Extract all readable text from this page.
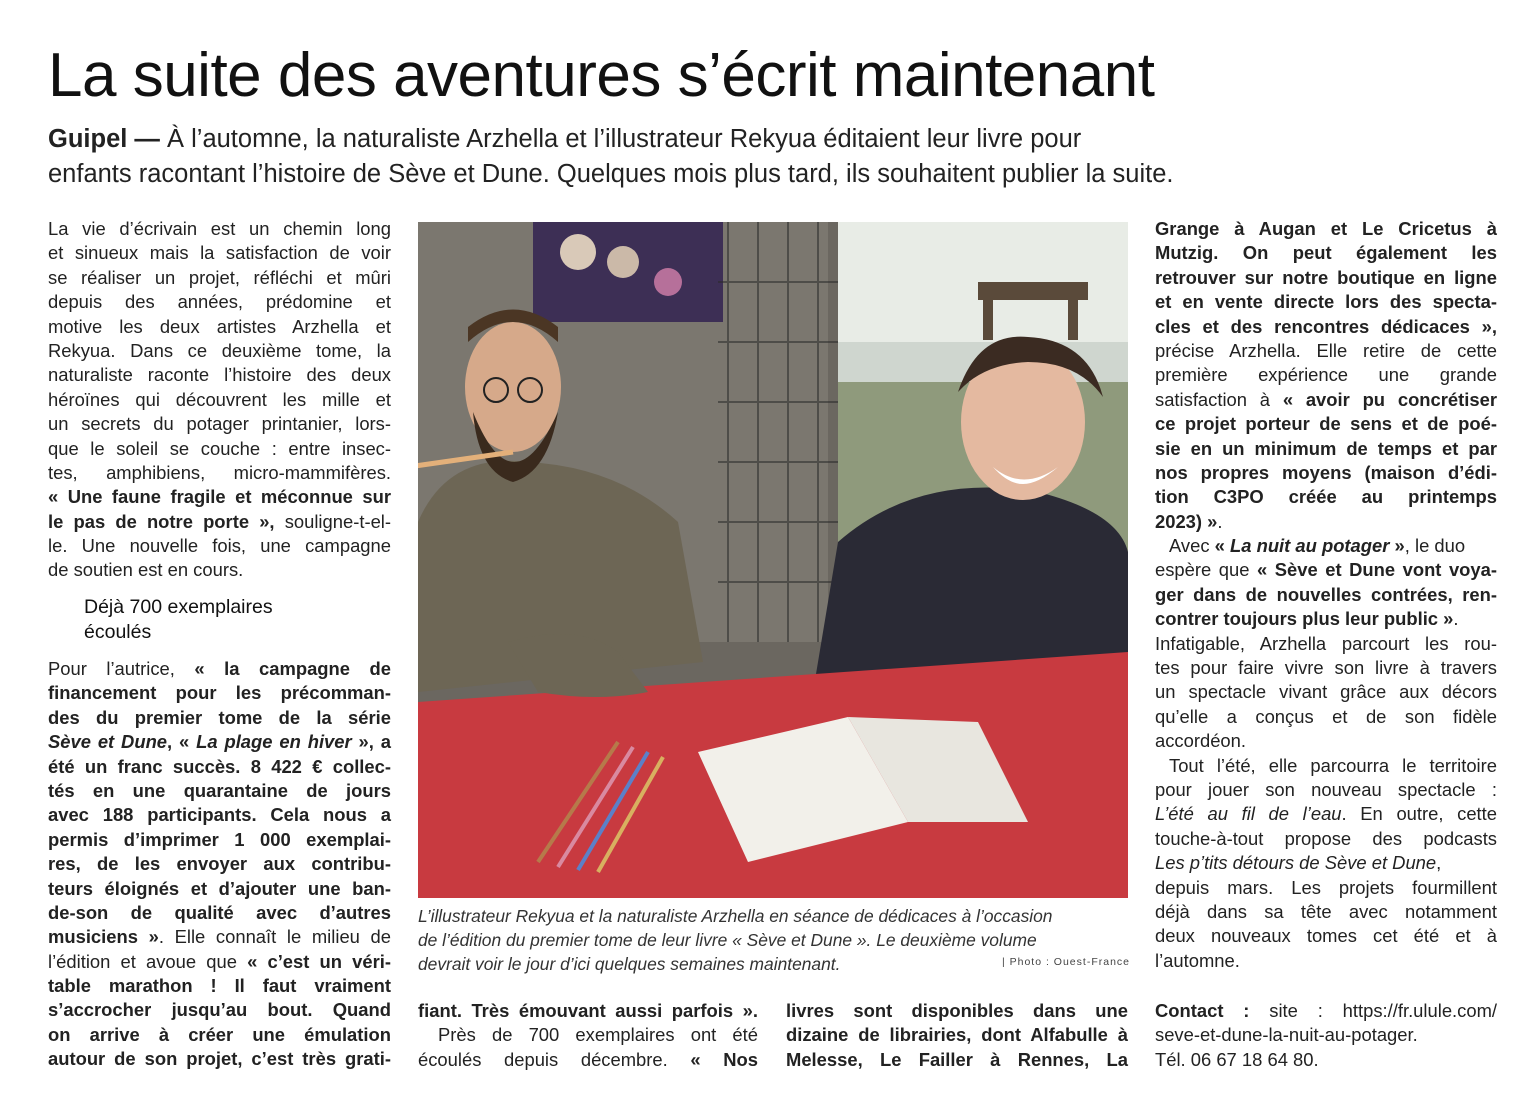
La suite des aventures s’écrit maintenant
Guipel — À l’automne, la naturaliste Arzhella et l’illustrateur Rekyua éditaient leur livre pour
enfants racontant l’histoire de Sève et Dune. Quelques mois plus tard, ils souhaitent publier la suite.
La vie d’écrivain est un chemin long
et sinueux mais la satisfaction de voir
se réaliser un projet, réfléchi et mûri
depuis des années, prédomine et
motive les deux artistes Arzhella et
Rekyua. Dans ce deuxième tome, la
naturaliste raconte l’histoire des deux
héroïnes qui découvrent les mille et
un secrets du potager printanier, lors-
que le soleil se couche : entre insec-
tes, amphibiens, micro-mammifères.
« Une faune fragile et méconnue sur
le pas de notre porte », souligne-t-el-
le. Une nouvelle fois, une campagne
de soutien est en cours.
Déjà 700 exemplaires
écoulés
Pour l’autrice, « la campagne de
financement pour les précomman-
des du premier tome de la série
Sève et Dune, « La plage en hiver », a
été un franc succès. 8 422 € collec-
tés en une quarantaine de jours
avec 188 participants. Cela nous a
permis d’imprimer 1 000 exemplai-
res, de les envoyer aux contribu-
teurs éloignés et d’ajouter une ban-
de-son de qualité avec d’autres
musiciens ». Elle connaît le milieu de
l’édition et avoue que « c’est un véri-
table marathon ! Il faut vraiment
s’accrocher jusqu’au bout. Quand
on arrive à créer une émulation
autour de son projet, c’est très grati-
L’illustrateur Rekyua et la naturaliste Arzhella en séance de dédicaces à l’occasion
de l’édition du premier tome de leur livre « Sève et Dune ». Le deuxième volume
devrait voir le jour d’ici quelques semaines maintenant.	| Photo : Ouest-France
fiant. Très émouvant aussi parfois ».
Près de 700 exemplaires ont été
écoulés depuis décembre. « Nos
livres sont disponibles dans une
dizaine de librairies, dont Alfabulle à
Melesse, Le Failler à Rennes, La
Grange à Augan et Le Cricetus à
Mutzig. On peut également les
retrouver sur notre boutique en ligne
et en vente directe lors des specta-
cles et des rencontres dédicaces »,
précise Arzhella. Elle retire de cette
première expérience une grande
satisfaction à « avoir pu concrétiser
ce projet porteur de sens et de poé-
sie en un minimum de temps et par
nos propres moyens (maison d’édi-
tion C3PO créée au printemps
2023) ».
Avec « La nuit au potager », le duo
espère que « Sève et Dune vont voya-
ger dans de nouvelles contrées, ren-
contrer toujours plus leur public ».
Infatigable, Arzhella parcourt les rou-
tes pour faire vivre son livre à travers
un spectacle vivant grâce aux décors
qu’elle a conçus et de son fidèle
accordéon.
Tout l’été, elle parcourra le territoire
pour jouer son nouveau spectacle :
L’été au fil de l’eau. En outre, cette
touche-à-tout propose des podcasts
Les p’tits détours de Sève et Dune,
depuis mars. Les projets fourmillent
déjà dans sa tête avec notamment
deux nouveaux tomes cet été et à
l’automne.
Contact : site : https://fr.ulule.com/
seve-et-dune-la-nuit-au-potager.
Tél. 06 67 18 64 80.
